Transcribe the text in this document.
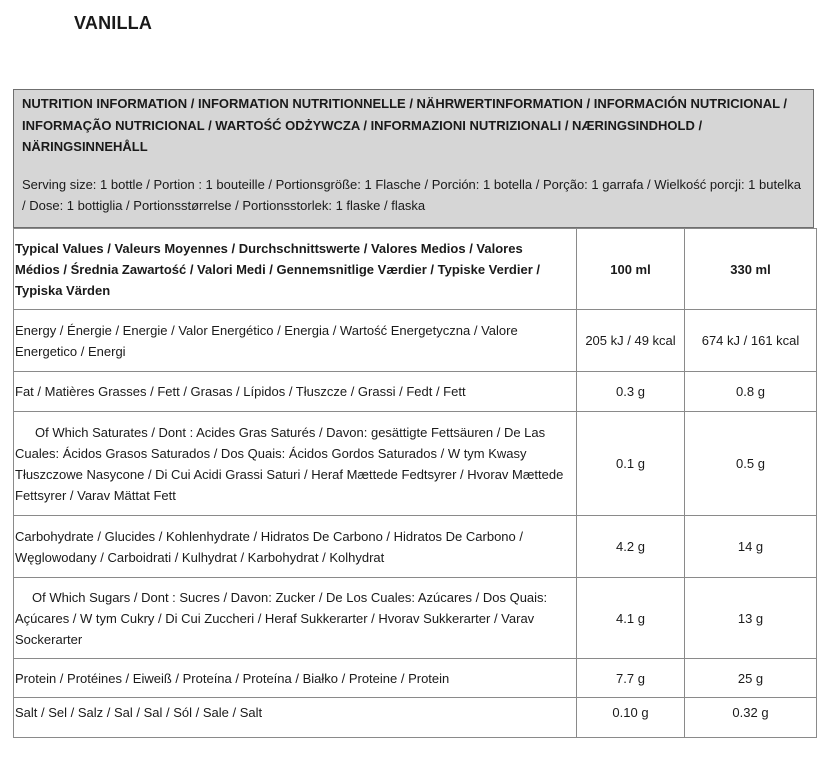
VANILLA
NUTRITION INFORMATION / INFORMATION NUTRITIONNELLE / NÄHRWERTINFORMATION / INFORMACIÓN NUTRICIONAL / INFORMAÇÃO NUTRICIONAL / WARTOŚĆ ODŻYWCZA / INFORMAZIONI NUTRIZIONALI / NÆRINGSINDHOLD / NÄRINGSINNEHÅLL
Serving size: 1 bottle / Portion : 1 bouteille / Portionsgröße: 1 Flasche / Porción: 1 botella / Porção: 1 garrafa / Wielkość porcji: 1 butelka / Dose: 1 bottiglia / Portionsstørrelse / Portionsstorlek: 1 flaske / flaska
Typical Values / Valeurs Moyennes / Durchschnittswerte / Valores Medios / Valores Médios / Średnia Zawartość / Valori Medi / Gennemsnitlige Værdier / Typiske Verdier / Typiska Värden	100 ml	330 ml
Energy / Énergie / Energie / Valor Energético / Energia / Wartość Energetyczna / Valore Energetico / Energi	205 kJ / 49 kcal	674 kJ / 161 kcal
Fat / Matières Grasses / Fett / Grasas / Lípidos / Tłuszcze / Grassi / Fedt / Fett	0.3 g	0.8 g

Of Which Saturates / Dont : Acides Gras Saturés / Davon: gesättigte Fettsäuren / De Las Cuales: Ácidos Grasos Saturados / Dos Quais: Ácidos Gordos Saturados / W tym Kwasy Tłuszczowe Nasycone / Di Cui Acidi Grassi Saturi / Heraf Mættede Fedtsyrer / Hvorav Mættede Fettsyrer / Varav Mättat Fett	0.1 g	0.5 g
Carbohydrate / Glucides / Kohlenhydrate / Hidratos De Carbono / Hidratos De Carbono / Węglowodany / Carboidrati / Kulhydrat / Karbohydrat / Kolhydrat	4.2 g	14 g

Of Which Sugars / Dont : Sucres / Davon: Zucker / De Los Cuales: Azúcares / Dos Quais: Açúcares / W tym Cukry / Di Cui Zuccheri / Heraf Sukkerarter / Hvorav Sukkerarter / Varav Sockerarter	4.1 g	13 g
Protein / Protéines / Eiweiß / Proteína / Proteína / Białko / Proteine / Protein	7.7 g	25 g
Salt / Sel / Salz / Sal / Sal / Sól / Sale / Salt	0.10 g	0.32 g
